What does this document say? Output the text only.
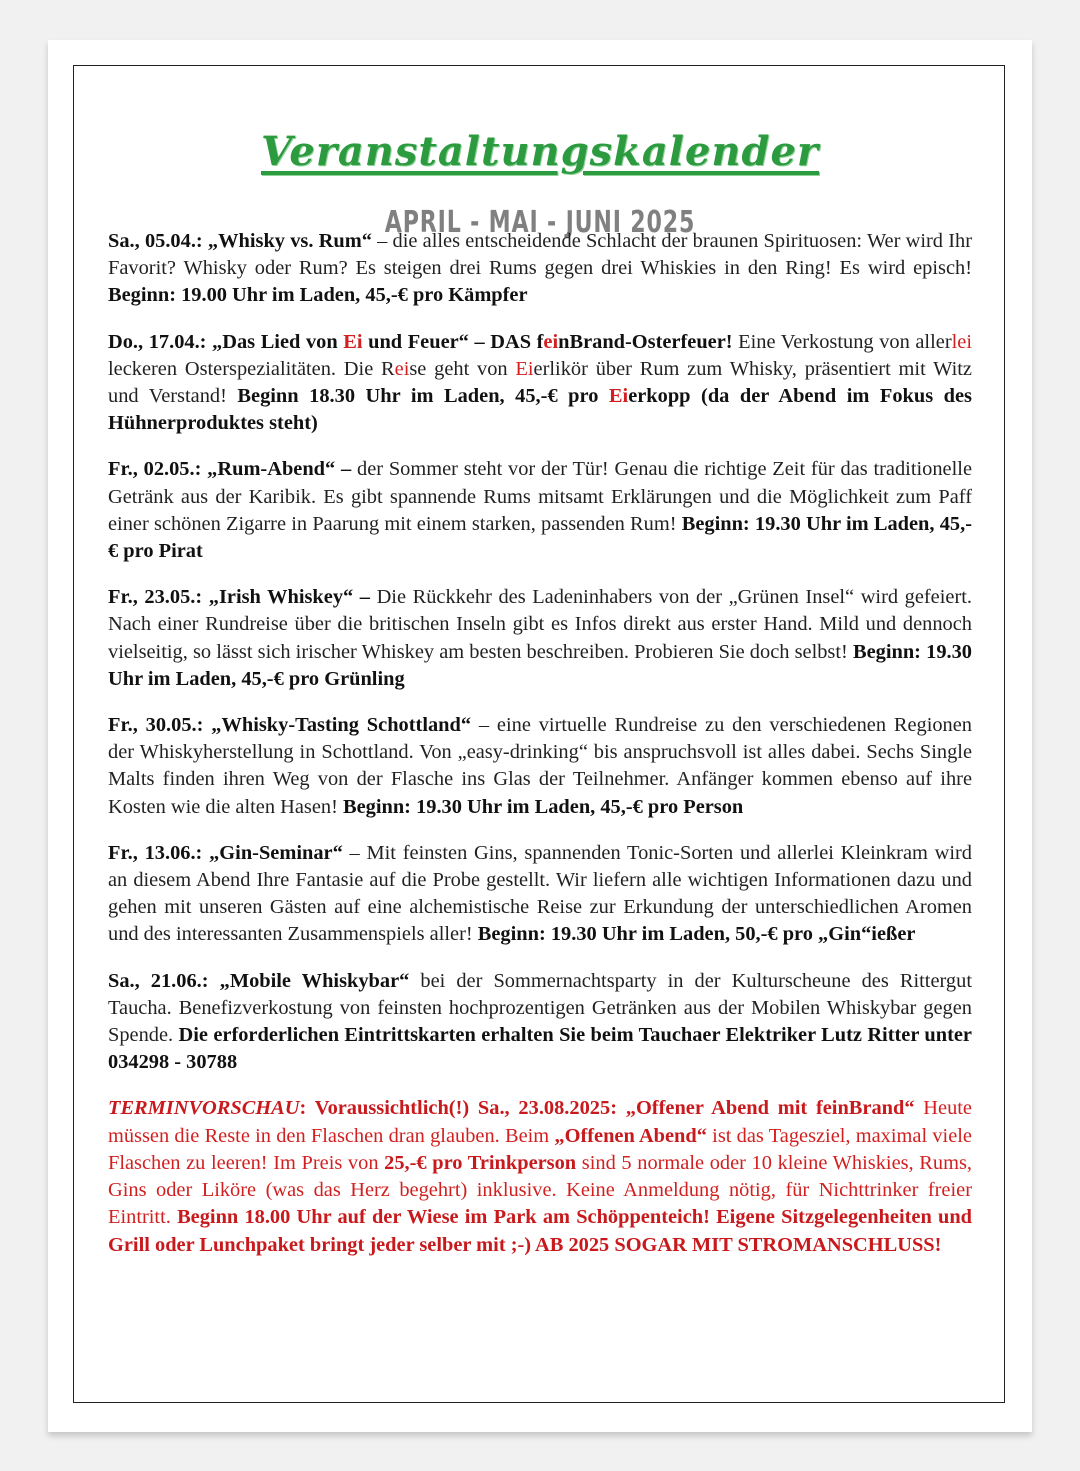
Veranstaltungskalender
APRIL - MAI - JUNI 2025

Sa., 05.04.: „Whisky vs. Rum“ – die alles entscheidende Schlacht der braunen Spirituosen: Wer wird Ihr Favorit? Whisky oder Rum? Es steigen drei Rums gegen drei Whiskies in den Ring! Es wird episch! Beginn: 19.00 Uhr im Laden, 45,-€ pro Kämpfer

Do., 17.04.: „Das Lied von Ei und Feuer“ – DAS feinBrand-Osterfeuer! Eine Verkostung von allerlei leckeren Osterspezialitäten. Die Reise geht von Eierlikör über Rum zum Whisky, präsentiert mit Witz und Verstand! Beginn 18.30 Uhr im Laden, 45,-€ pro Eierkopp (da der Abend im Fokus des Hühnerproduktes steht)

Fr., 02.05.: „Rum-Abend“ – der Sommer steht vor der Tür! Genau die richtige Zeit für das traditionelle Getränk aus der Karibik. Es gibt spannende Rums mitsamt Erklärungen und die Möglichkeit zum Paff einer schönen Zigarre in Paarung mit einem starken, passenden Rum! Beginn: 19.30 Uhr im Laden, 45,-€ pro Pirat

Fr., 23.05.: „Irish Whiskey“ – Die Rückkehr des Ladeninhabers von der „Grünen Insel“ wird gefeiert. Nach einer Rundreise über die britischen Inseln gibt es Infos direkt aus erster Hand. Mild und dennoch vielseitig, so lässt sich irischer Whiskey am besten beschreiben. Probieren Sie doch selbst! Beginn: 19.30 Uhr im Laden, 45,-€ pro Grünling

Fr., 30.05.: „Whisky-Tasting Schottland“ – eine virtuelle Rundreise zu den verschiedenen Regionen der Whiskyherstellung in Schottland. Von „easy-drinking“ bis anspruchsvoll ist alles dabei. Sechs Single Malts finden ihren Weg von der Flasche ins Glas der Teilnehmer. Anfänger kommen ebenso auf ihre Kosten wie die alten Hasen! Beginn: 19.30 Uhr im Laden, 45,-€ pro Person

Fr., 13.06.: „Gin-Seminar“ – Mit feinsten Gins, spannenden Tonic-Sorten und allerlei Kleinkram wird an diesem Abend Ihre Fantasie auf die Probe gestellt. Wir liefern alle wichtigen Informationen dazu und gehen mit unseren Gästen auf eine alchemistische Reise zur Erkundung der unterschiedlichen Aromen und des interessanten Zusammenspiels aller! Beginn: 19.30 Uhr im Laden, 50,-€ pro „Gin“ießer

Sa., 21.06.: „Mobile Whiskybar“ bei der Sommernachtsparty in der Kulturscheune des Rittergut Taucha. Benefizverkostung von feinsten hochprozentigen Getränken aus der Mobilen Whiskybar gegen Spende. Die erforderlichen Eintrittskarten erhalten Sie beim Tauchaer Elektriker Lutz Ritter unter 034298 - 30788

TERMINVORSCHAU: Voraussichtlich(!) Sa., 23.08.2025: „Offener Abend mit feinBrand“ Heute müssen die Reste in den Flaschen dran glauben. Beim „Offenen Abend“ ist das Tagesziel, maximal viele Flaschen zu leeren! Im Preis von 25,-€ pro Trinkperson sind 5 normale oder 10 kleine Whiskies, Rums, Gins oder Liköre (was das Herz begehrt) inklusive. Keine Anmeldung nötig, für Nichttrinker freier Eintritt. Beginn 18.00 Uhr auf der Wiese im Park am Schöppenteich! Eigene Sitzgelegenheiten und Grill oder Lunchpaket bringt jeder selber mit ;-) AB 2025 SOGAR MIT STROMANSCHLUSS!
